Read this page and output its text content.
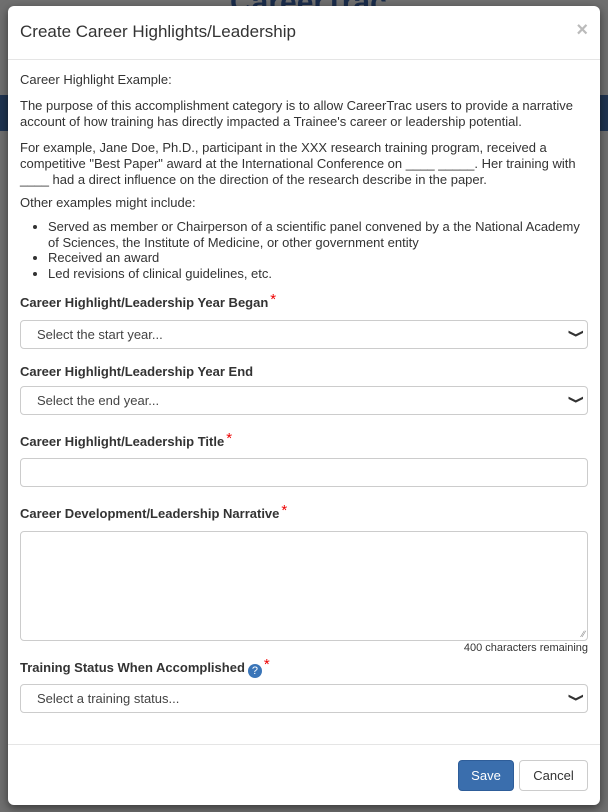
Create Career Highlights/Leadership	×

Career Highlight Example:

The purpose of this accomplishment category is to allow CareerTrac users to provide a narrative account of how training has directly impacted a Trainee's career or leadership potential.

For example, Jane Doe, Ph.D., participant in the XXX research training program, received a competitive "Best Paper" award at the International Conference on ____ _____. Her training with ____ had a direct influence on the direction of the research describe in the paper.

Other examples might include:

• Served as member or Chairperson of a scientific panel convened by a the National Academy of Sciences, the Institute of Medicine, or other government entity
• Received an award
• Led revisions of clinical guidelines, etc.
Career Highlight/Leadership Year Began *
Select the start year...	❯
Career Highlight/Leadership Year End
Select the end year...	❯
Career Highlight/Leadership Title *
Career Development/Leadership Narrative *
∕∕
400 characters remaining
Training Status When Accomplished ? *
Select a training status...	❯
Save	Cancel
